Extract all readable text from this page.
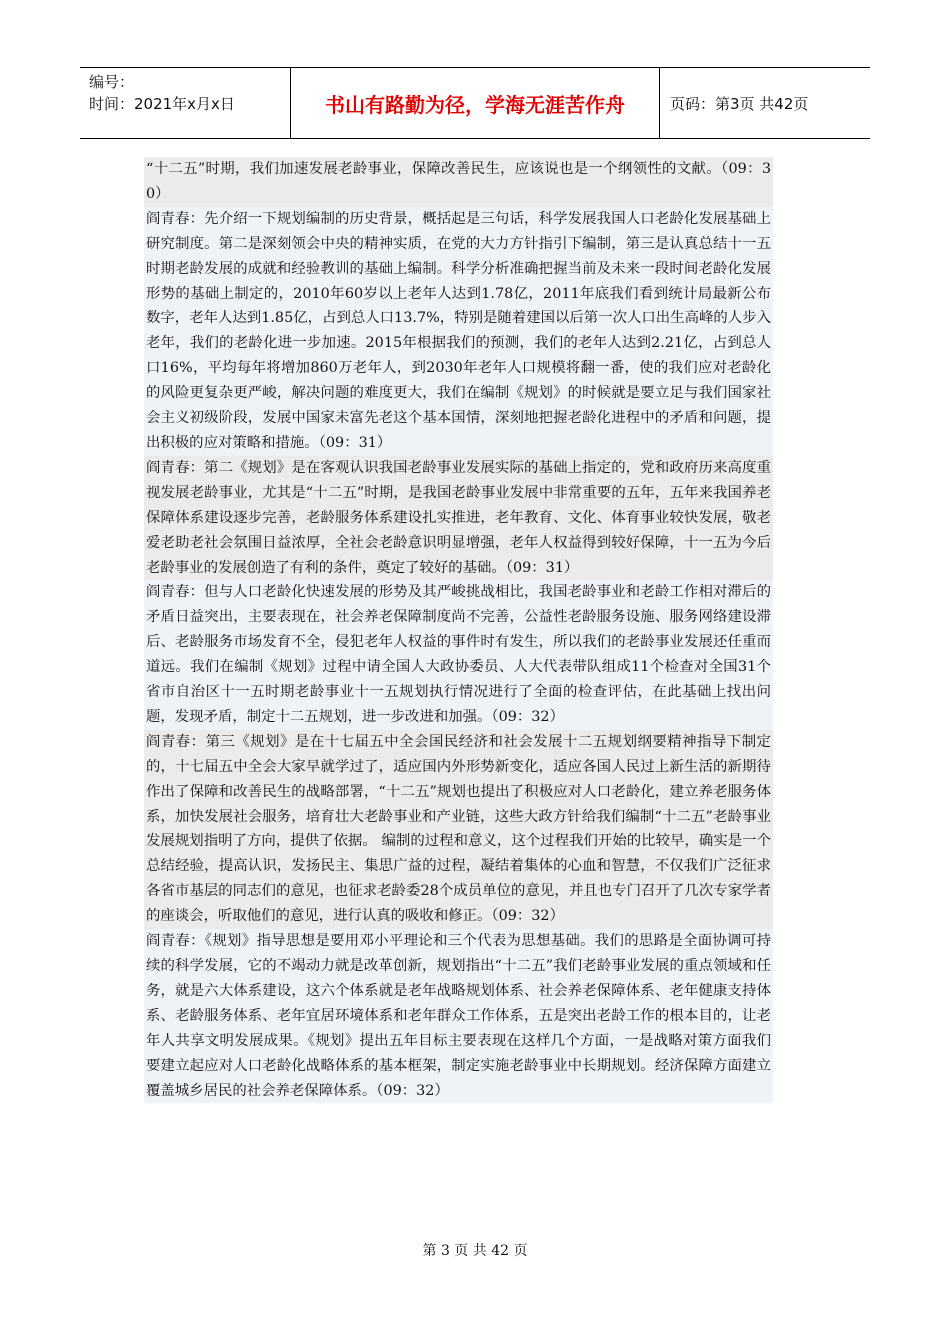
编号：
时间：2021年x月x日	书山有路勤为径，学海无涯苦作舟	页码：第3页 共42页
“十二五”时期，我们加速发展老龄事业，保障改善民生，应该说也是一个纲领性的文献。（09：30）
阎青春：先介绍一下规划编制的历史背景，概括起是三句话，科学发展我国人口老龄化发展基础上研究制度。第二是深刻领会中央的精神实质，在党的大力方针指引下编制，第三是认真总结十一五时期老龄发展的成就和经验教训的基础上编制。科学分析准确把握当前及未来一段时间老龄化发展形势的基础上制定的，2010年60岁以上老年人达到1.78亿，2011年底我们看到统计局最新公布数字，老年人达到1.85亿，占到总人口13.7%，特别是随着建国以后第一次人口出生高峰的人步入老年，我们的老龄化进一步加速。2015年根据我们的预测，我们的老年人达到2.21亿，占到总人口16%，平均每年将增加860万老年人，到2030年老年人口规模将翻一番，使的我们应对老龄化的风险更复杂更严峻，解决问题的难度更大，我们在编制《规划》的时候就是要立足与我们国家社会主义初级阶段，发展中国家未富先老这个基本国情，深刻地把握老龄化进程中的矛盾和问题，提出积极的应对策略和措施。（09：31）
阎青春：第二《规划》是在客观认识我国老龄事业发展实际的基础上指定的，党和政府历来高度重视发展老龄事业，尤其是“十二五”时期，是我国老龄事业发展中非常重要的五年，五年来我国养老保障体系建设逐步完善，老龄服务体系建设扎实推进，老年教育、文化、体育事业较快发展，敬老爱老助老社会氛围日益浓厚，全社会老龄意识明显增强，老年人权益得到较好保障，十一五为今后老龄事业的发展创造了有利的条件，奠定了较好的基础。（09：31）
阎青春：但与人口老龄化快速发展的形势及其严峻挑战相比，我国老龄事业和老龄工作相对滞后的矛盾日益突出，主要表现在，社会养老保障制度尚不完善，公益性老龄服务设施、服务网络建设滞后、老龄服务市场发育不全，侵犯老年人权益的事件时有发生，所以我们的老龄事业发展还任重而道远。我们在编制《规划》过程中请全国人大政协委员、人大代表带队组成11个检查对全国31个省市自治区十一五时期老龄事业十一五规划执行情况进行了全面的检查评估，在此基础上找出问题，发现矛盾，制定十二五规划，进一步改进和加强。（09：32）
阎青春：第三《规划》是在十七届五中全会国民经济和社会发展十二五规划纲要精神指导下制定的，十七届五中全会大家早就学过了，适应国内外形势新变化，适应各国人民过上新生活的新期待作出了保障和改善民生的战略部署，“十二五”规划也提出了积极应对人口老龄化，建立养老服务体系，加快发展社会服务，培育壮大老龄事业和产业链，这些大政方针给我们编制“十二五”老龄事业发展规划指明了方向，提供了依据。 编制的过程和意义，这个过程我们开始的比较早，确实是一个总结经验，提高认识，发扬民主、集思广益的过程，凝结着集体的心血和智慧，不仅我们广泛征求各省市基层的同志们的意见，也征求老龄委28个成员单位的意见，并且也专门召开了几次专家学者的座谈会，听取他们的意见，进行认真的吸收和修正。（09：32）
阎青春：《规划》指导思想是要用邓小平理论和三个代表为思想基础。我们的思路是全面协调可持续的科学发展，它的不竭动力就是改革创新，规划指出“十二五”我们老龄事业发展的重点领域和任务，就是六大体系建设，这六个体系就是老年战略规划体系、社会养老保障体系、老年健康支持体系、老龄服务体系、老年宜居环境体系和老年群众工作体系，五是突出老龄工作的根本目的，让老年人共享文明发展成果。《规划》提出五年目标主要表现在这样几个方面，一是战略对策方面我们要建立起应对人口老龄化战略体系的基本框架，制定实施老龄事业中长期规划。经济保障方面建立覆盖城乡居民的社会养老保障体系。（09：32）
第 3 页 共 42 页
